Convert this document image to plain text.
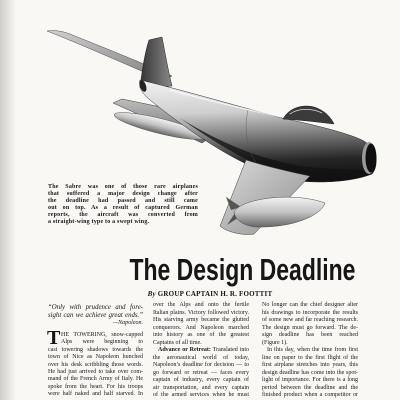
The Sabre was one of those rare airplanes
that suffered a major design change after
the deadline had passed and still came
out on top. As a result of captured German
reports, the aircraft was converted from
a straight-wing type to a swept wing.
The Design Deadline
By GROUP CAPTAIN H. R. FOOTTIT
“Only with prudence and fore-
sight can we achieve great ends.”
—Napoleon.
T HE TOWERING, snow-capped
Alps were beginning to
cast towering shadows towards the
town of Nice as Napoleon hunched
over his desk scribbling those words.
He had just arrived to take over com-
mand of the French Army of Italy. He
spoke from the heart. For his troops
were half naked and half starved. In
over the Alps and onto the fertile
Italian plains. Victory followed victory.
His starving army became the glutted
conquerors. And Napoleon marched
into history as one of the greatest
Captains of all time.
Advance or Retreat: Translated into
the aeronautical world of today,
Napoleon’s deadline for decision — to
go forward or retreat — faces every
captain of industry, every captain of
air transportation, and every captain
of the armed services when he must
No longer can the chief designer alter
his drawings to incorporate the results
of some new and far reaching research.
The design must go forward. The de-
sign deadline has been reached
(Figure 1).
In this day, when the time from first
line on paper to the first flight of the
first airplane stretches into years, this
design deadline has come into the spot-
light of importance. For there is a long
period between the deadline and the
finished product when a competitor or
